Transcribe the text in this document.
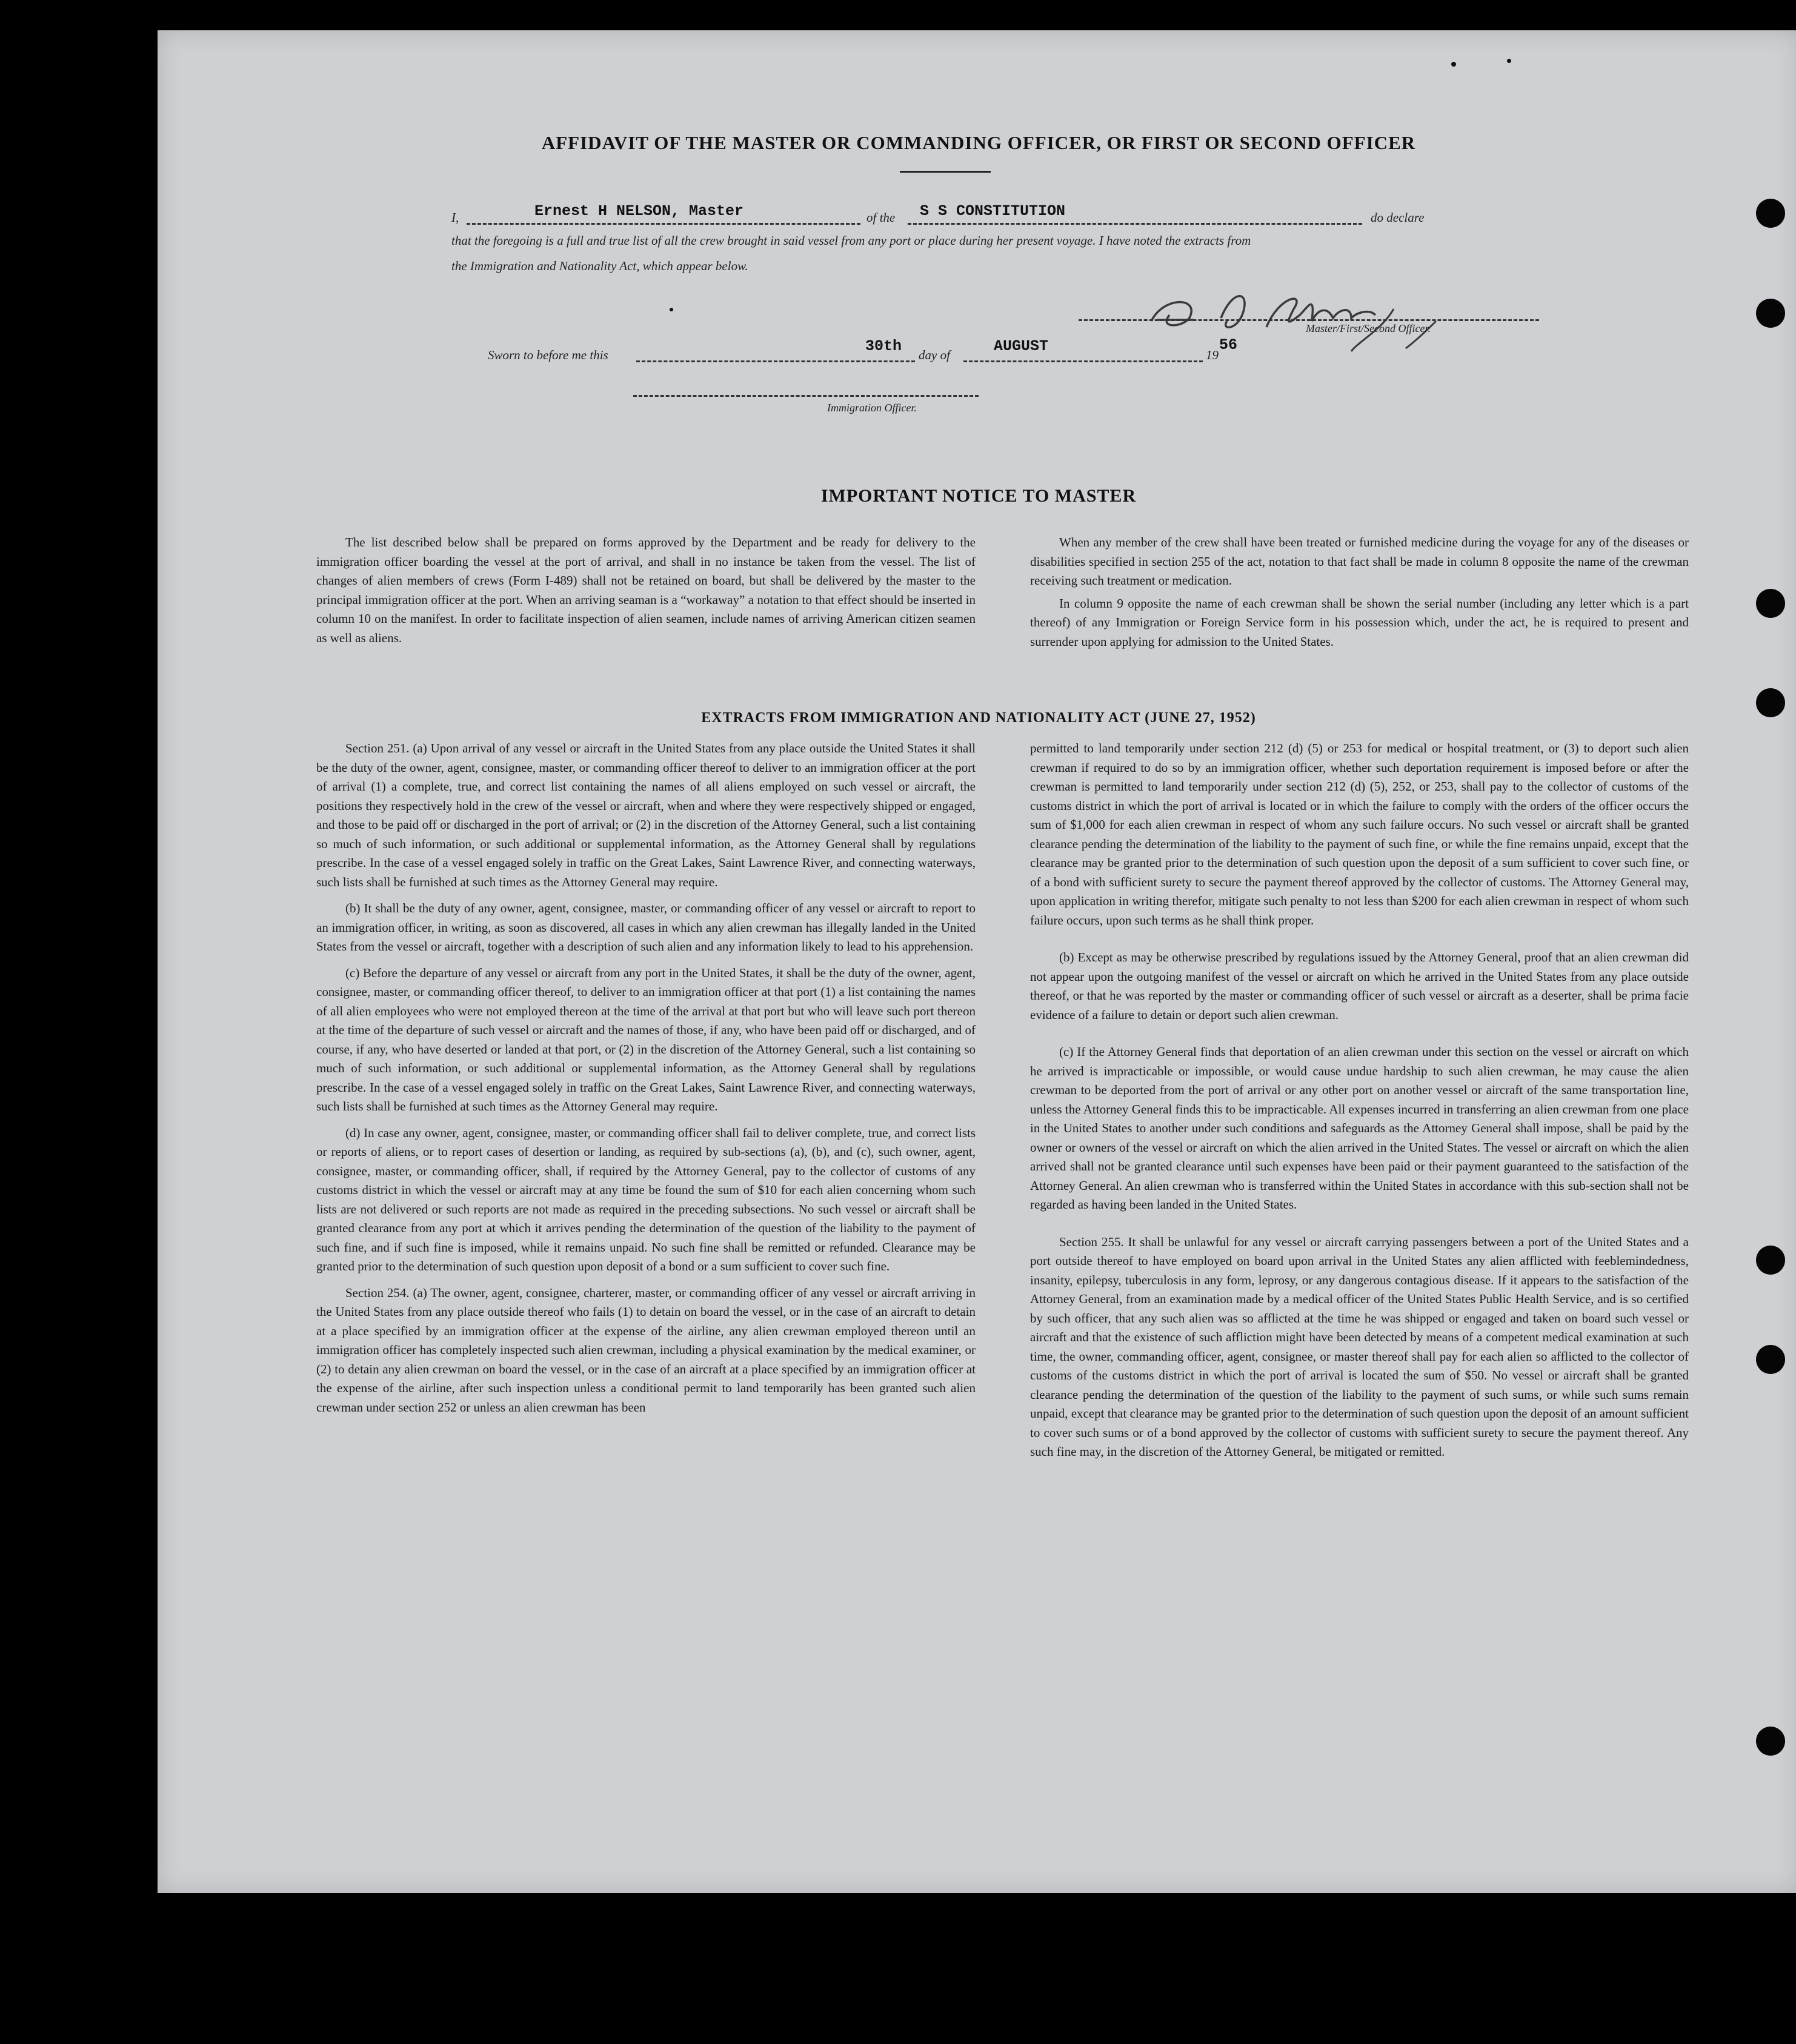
AFFIDAVIT OF THE MASTER OR COMMANDING OFFICER, OR FIRST OR SECOND OFFICER
I,	Ernest H NELSON, Master	of the S S CONSTITUTION	do declare
that the foregoing is a full and true list of all the crew brought in said vessel from any port or place during her present voyage. I have noted the extracts from
the Immigration and Nationality Act, which appear below.
Master/First/Second Officer.
Sworn to before me this	30th day of	AUGUST	19
56
Immigration Officer.
IMPORTANT NOTICE TO MASTER

The list described below shall be prepared on forms approved by the Department and be ready for delivery to the immigration officer boarding the vessel at the port of arrival, and shall in no instance be taken from the vessel. The list of changes of alien members of crews (Form I-489) shall not be retained on board, but shall be delivered by the master to the principal immigration officer at the port. When an arriving seaman is a “workaway” a notation to that effect should be inserted in column 10 on the manifest. In order to facilitate inspection of alien seamen, include names of arriving American citizen seamen as well as aliens.

When any member of the crew shall have been treated or furnished medicine during the voyage for any of the diseases or disabilities specified in section 255 of the act, notation to that fact shall be made in column 8 opposite the name of the crewman receiving such treatment or medication.

In column 9 opposite the name of each crewman shall be shown the serial number (including any letter which is a part thereof) of any Immigration or Foreign Service form in his possession which, under the act, he is required to present and surrender upon applying for admission to the United States.

EXTRACTS FROM IMMIGRATION AND NATIONALITY ACT (JUNE 27, 1952)

Section 251. (a) Upon arrival of any vessel or aircraft in the United States from any place outside the United States it shall be the duty of the owner, agent, consignee, master, or commanding officer thereof to deliver to an immigration officer at the port of arrival (1) a complete, true, and correct list containing the names of all aliens employed on such vessel or aircraft, the positions they respectively hold in the crew of the vessel or aircraft, when and where they were respectively shipped or engaged, and those to be paid off or discharged in the port of arrival; or (2) in the discretion of the Attorney General, such a list containing so much of such information, or such additional or supplemental information, as the Attorney General shall by regulations prescribe. In the case of a vessel engaged solely in traffic on the Great Lakes, Saint Lawrence River, and connecting waterways, such lists shall be furnished at such times as the Attorney General may require.

(b) It shall be the duty of any owner, agent, consignee, master, or commanding officer of any vessel or aircraft to report to an immigration officer, in writing, as soon as discovered, all cases in which any alien crewman has illegally landed in the United States from the vessel or aircraft, together with a description of such alien and any information likely to lead to his apprehension.

(c) Before the departure of any vessel or aircraft from any port in the United States, it shall be the duty of the owner, agent, consignee, master, or commanding officer thereof, to deliver to an immigration officer at that port (1) a list containing the names of all alien employees who were not employed thereon at the time of the arrival at that port but who will leave such port thereon at the time of the departure of such vessel or aircraft and the names of those, if any, who have been paid off or discharged, and of course, if any, who have deserted or landed at that port, or (2) in the discretion of the Attorney General, such a list containing so much of such information, or such additional or supplemental information, as the Attorney General shall by regulations prescribe. In the case of a vessel engaged solely in traffic on the Great Lakes, Saint Lawrence River, and connecting waterways, such lists shall be furnished at such times as the Attorney General may require.

(d) In case any owner, agent, consignee, master, or commanding officer shall fail to deliver complete, true, and correct lists or reports of aliens, or to report cases of desertion or landing, as required by sub-sections (a), (b), and (c), such owner, agent, consignee, master, or commanding officer, shall, if required by the Attorney General, pay to the collector of customs of any customs district in which the vessel or aircraft may at any time be found the sum of $10 for each alien concerning whom such lists are not delivered or such reports are not made as required in the preceding subsections. No such vessel or aircraft shall be granted clearance from any port at which it arrives pending the determination of the question of the liability to the payment of such fine, and if such fine is imposed, while it remains unpaid. No such fine shall be remitted or refunded. Clearance may be granted prior to the determination of such question upon deposit of a bond or a sum sufficient to cover such fine.

Section 254. (a) The owner, agent, consignee, charterer, master, or commanding officer of any vessel or aircraft arriving in the United States from any place outside thereof who fails (1) to detain on board the vessel, or in the case of an aircraft to detain at a place specified by an immigration officer at the expense of the airline, any alien crewman employed thereon until an immigration officer has completely inspected such alien crewman, including a physical examination by the medical examiner, or (2) to detain any alien crewman on board the vessel, or in the case of an aircraft at a place specified by an immigration officer at the expense of the airline, after such inspection unless a conditional permit to land temporarily has been granted such alien crewman under section 252 or unless an alien crewman has been

permitted to land temporarily under section 212 (d) (5) or 253 for medical or hospital treatment, or (3) to deport such alien crewman if required to do so by an immigration officer, whether such deportation requirement is imposed before or after the crewman is permitted to land temporarily under section 212 (d) (5), 252, or 253, shall pay to the collector of customs of the customs district in which the port of arrival is located or in which the failure to comply with the orders of the officer occurs the sum of $1,000 for each alien crewman in respect of whom any such failure occurs. No such vessel or aircraft shall be granted clearance pending the determination of the liability to the payment of such fine, or while the fine remains unpaid, except that the clearance may be granted prior to the determination of such question upon the deposit of a sum sufficient to cover such fine, or of a bond with sufficient surety to secure the payment thereof approved by the collector of customs. The Attorney General may, upon application in writing therefor, mitigate such penalty to not less than $200 for each alien crewman in respect of whom such failure occurs, upon such terms as he shall think proper.

(b) Except as may be otherwise prescribed by regulations issued by the Attorney General, proof that an alien crewman did not appear upon the outgoing manifest of the vessel or aircraft on which he arrived in the United States from any place outside thereof, or that he was reported by the master or commanding officer of such vessel or aircraft as a deserter, shall be prima facie evidence of a failure to detain or deport such alien crewman.

(c) If the Attorney General finds that deportation of an alien crewman under this section on the vessel or aircraft on which he arrived is impracticable or impossible, or would cause undue hardship to such alien crewman, he may cause the alien crewman to be deported from the port of arrival or any other port on another vessel or aircraft of the same transportation line, unless the Attorney General finds this to be impracticable. All expenses incurred in transferring an alien crewman from one place in the United States to another under such conditions and safeguards as the Attorney General shall impose, shall be paid by the owner or owners of the vessel or aircraft on which the alien arrived in the United States. The vessel or aircraft on which the alien arrived shall not be granted clearance until such expenses have been paid or their payment guaranteed to the satisfaction of the Attorney General. An alien crewman who is transferred within the United States in accordance with this sub-section shall not be regarded as having been landed in the United States.

Section 255. It shall be unlawful for any vessel or aircraft carrying passengers between a port of the United States and a port outside thereof to have employed on board upon arrival in the United States any alien afflicted with feeblemindedness, insanity, epilepsy, tuberculosis in any form, leprosy, or any dangerous contagious disease. If it appears to the satisfaction of the Attorney General, from an examination made by a medical officer of the United States Public Health Service, and is so certified by such officer, that any such alien was so afflicted at the time he was shipped or engaged and taken on board such vessel or aircraft and that the existence of such affliction might have been detected by means of a competent medical examination at such time, the owner, commanding officer, agent, consignee, or master thereof shall pay for each alien so afflicted to the collector of customs of the customs district in which the port of arrival is located the sum of $50. No vessel or aircraft shall be granted clearance pending the determination of the question of the liability to the payment of such sums, or while such sums remain unpaid, except that clearance may be granted prior to the determination of such question upon the deposit of an amount sufficient to cover such sums or of a bond approved by the collector of customs with sufficient surety to secure the payment thereof. Any such fine may, in the discretion of the Attorney General, be mitigated or remitted.
